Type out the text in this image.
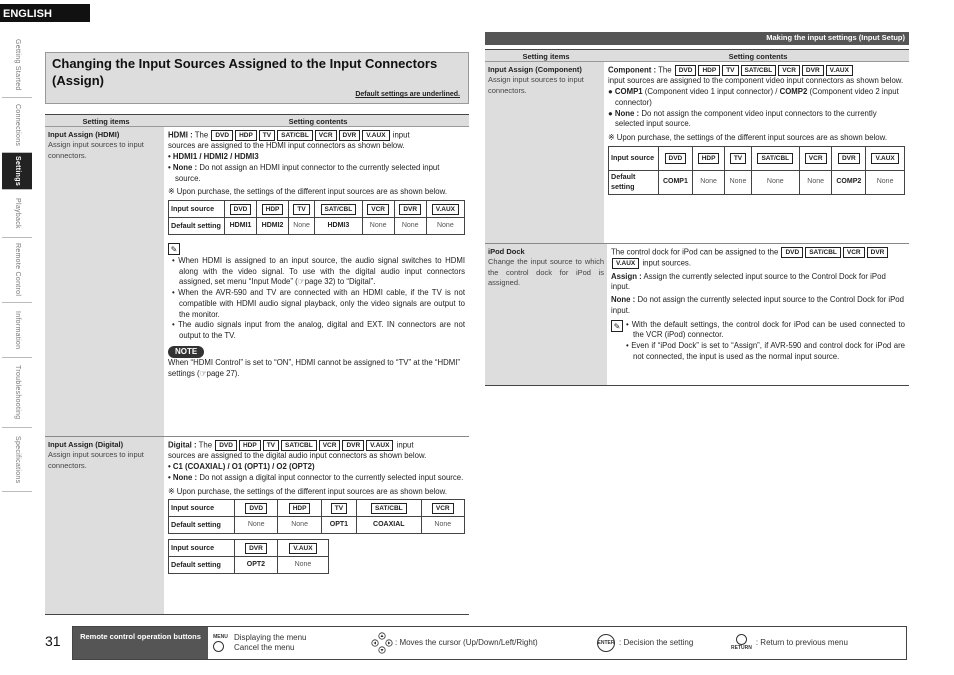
ENGLISH
Getting Started
Connections
Settings
Playback
Remote Control
Information
Troubleshooting
Specifications
Making the input settings (Input Setup)
Changing the Input Sources Assigned to the Input Connectors (Assign)
Default settings are underlined.
Setting items	Setting contents
Input Assign (HDMI)
Assign input sources to input connectors.
HDMI : The DVD HDP TV SAT/CBL VCR DVR V.AUX input
sources are assigned to the HDMI input connectors as shown below.
• HDMI1 / HDMI2 / HDMI3
• None : Do not assign an HDMI input connector to the currently selected input source.
※ Upon purchase, the settings of the different input sources are as shown below.
Input source	DVD	HDP	TV	SAT/CBL	VCR	DVR	V.AUX
Default setting	HDMI1	HDMI2	None	HDMI3	None	None	None
✎
• When HDMI is assigned to an input source, the audio signal switches to HDMI along with the video signal. To use with the digital audio input connectors assigned, set menu “Input Mode” (☞page 32) to “Digital”.
• When the AVR-590 and TV are connected with an HDMI cable, if the TV is not compatible with HDMI audio signal playback, only the video signals are output to the monitor.
• The audio signals input from the analog, digital and EXT. IN connectors are not output to the TV.
NOTE
When “HDMI Control” is set to “ON”, HDMI cannot be assigned to “TV” at the “HDMI” settings (☞page 27).
Input Assign (Digital)
Assign input sources to input connectors.
Digital : The DVD HDP TV SAT/CBL VCR DVR V.AUX input
sources are assigned to the digital audio input connectors as shown below.
• C1 (COAXIAL) / O1 (OPT1) / O2 (OPT2)
• None : Do not assign a digital input connector to the currently selected input source.
※ Upon purchase, the settings of the different input sources are as shown below.
Input source	DVD	HDP	TV	SAT/CBL	VCR
Default setting	None	None	OPT1	COAXIAL	None
Input source	DVR	V.AUX
Default setting	OPT2	None
Setting items	Setting contents
Input Assign (Component)
Assign input sources to input connectors.
Component : The DVD HDP TV SAT/CBL VCR DVR V.AUX
input sources are assigned to the component video input connectors as shown below.
● COMP1 (Component video 1 input connector) / COMP2 (Component video 2 input connector)
● None : Do not assign the component video input connectors to the currently selected input source.
※ Upon purchase, the settings of the different input sources are as shown below.
Input source	DVD	HDP	TV	SAT/CBL	VCR	DVR	V.AUX
Default setting	COMP1	None	None	None	None	COMP2	None
iPod Dock
Change the input source to which the control dock for iPod is assigned.
The control dock for iPod can be assigned to the DVD SAT/CBL VCR DVRV.AUX input sources.
Assign : Assign the currently selected input source to the Control Dock for iPod input.
None : Do not assign the currently selected input source to the Control Dock for iPod input.
✎ • With the default settings, the control dock for iPod can be used connected to the VCR (iPod) connector.
• Even if “iPod Dock” is set to “Assign”, if AVR-590 and control dock for iPod are not connected, the input is used as the normal input source.
31	Remote control operation buttons	MENU Displaying the menu
Cancel the menu
: Moves the cursor (Up/Down/Left/Right)	ENTER : Decision the setting
RETURN
: Return to previous menu
